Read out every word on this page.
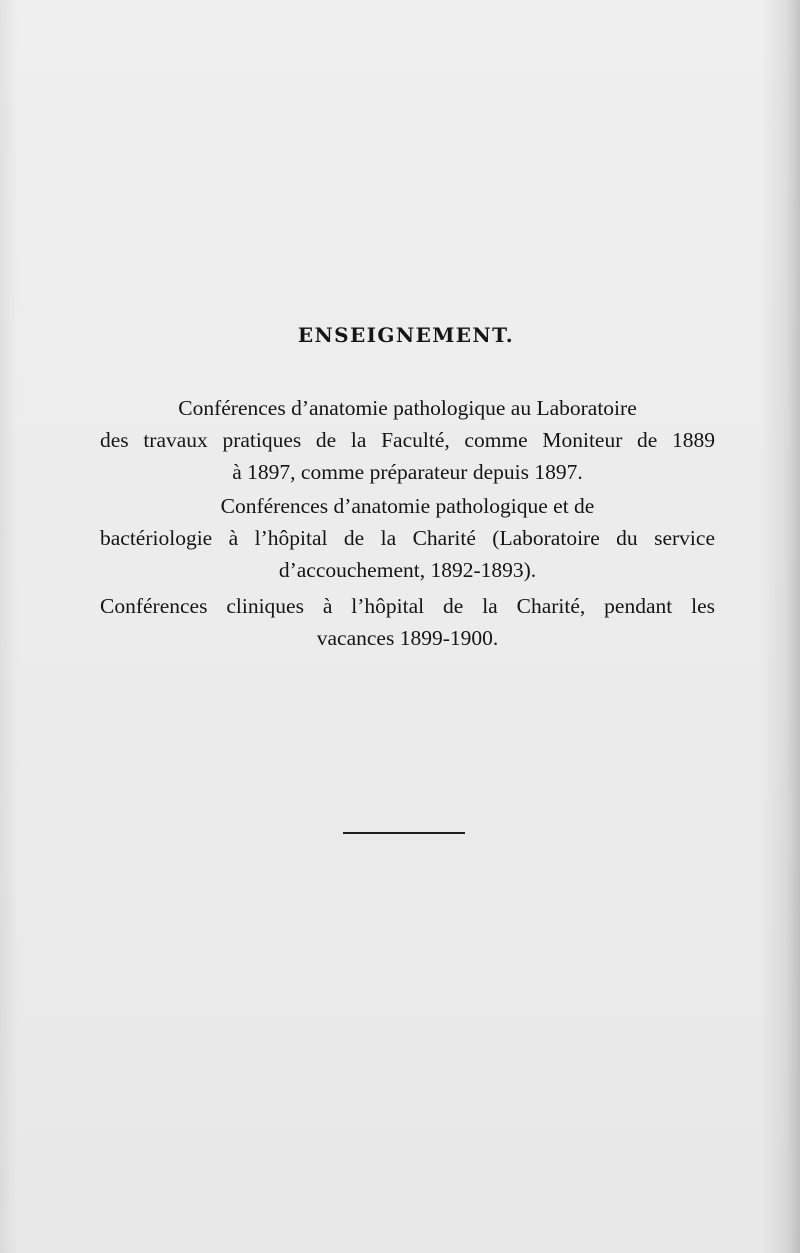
ENSEIGNEMENT.
Conférences d’anatomie pathologique au Laboratoire
des travaux pratiques de la Faculté, comme Moniteur de 1889
à 1897, comme préparateur depuis 1897.
Conférences d’anatomie pathologique et de
bactériologie à l’hôpital de la Charité (Laboratoire du service
d’accouchement, 1892-1893).
Conférences cliniques à l’hôpital de la Charité, pendant les
vacances 1899-1900.
